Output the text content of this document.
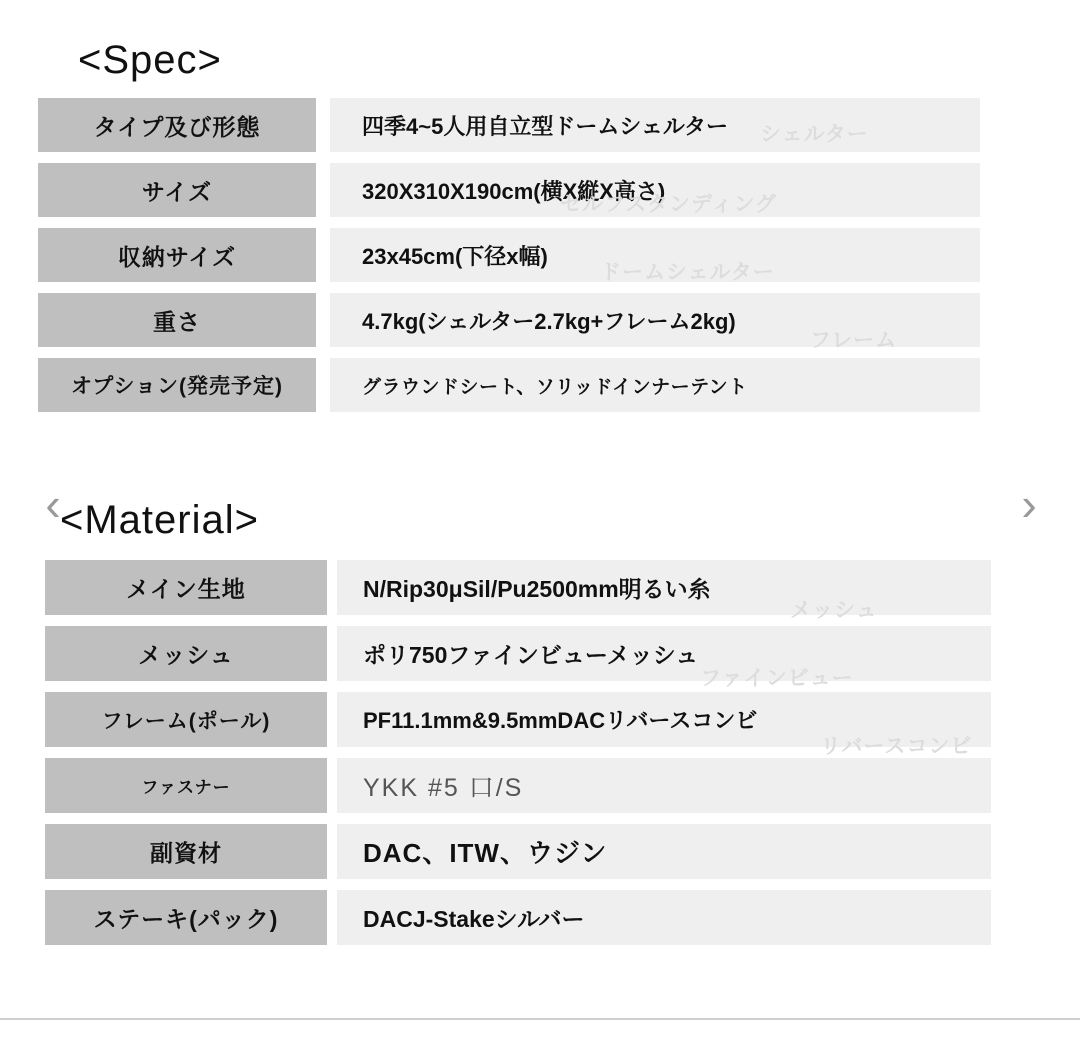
<Spec>
タイプ及び形態	四季4~5人用自立型ドームシェルター
サイズ	320X310X190cm(横X縦X高さ)
収納サイズ	23x45cm(下径x幅)
重さ	4.7kg(シェルター2.7kg+フレーム2kg)
オプション(発売予定)	グラウンドシート、ソリッドインナーテント
シェルター
セルフスタンディング
ドームシェルター
フレーム
‹	›
<Material>
メイン生地	N/Rip30μSil/Pu2500mm明るい糸
メッシュ	ポリ750ファインビューメッシュ
フレーム(ポール)	PF11.1mm&9.5mmDACリバースコンビ
ファスナー	YKK #5 口/S
副資材	DAC、ITW、ウジン
ステーキ(パック)	DACJ-Stakeシルバー
メッシュ
ファインビュー
リバースコンビ
